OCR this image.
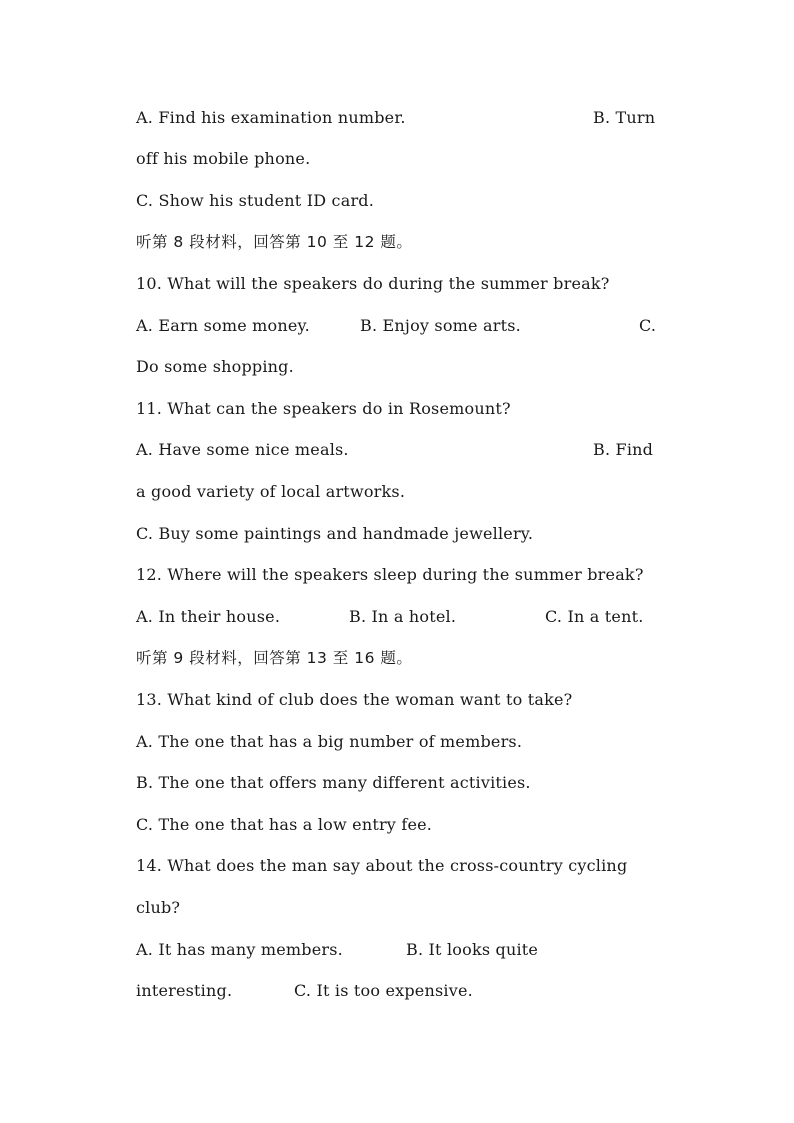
A. Find his examination number.

	B. Turn

off his mobile phone.

C. Show his student ID card.

听第 8 段材料，回答第 10 至 12 题。

10. What will the speakers do during the summer break?

A. Earn some money.

	B. Enjoy some arts.

	C.

Do some shopping.

11. What can the speakers do in Rosemount?

A. Have some nice meals.

	B. Find

a good variety of local artworks.

C. Buy some paintings and handmade jewellery.

12. Where will the speakers sleep during the summer break?

A. In their house.

	B. In a hotel.

	C. In a tent.

听第 9 段材料，回答第 13 至 16 题。

13. What kind of club does the woman want to take?

A. The one that has a big number of members.

B. The one that offers many different activities.

C. The one that has a low entry fee.

14. What does the man say about the cross-country cycling

club?

A. It has many members.

	B. It looks quite

interesting.

	C. It is too expensive.
